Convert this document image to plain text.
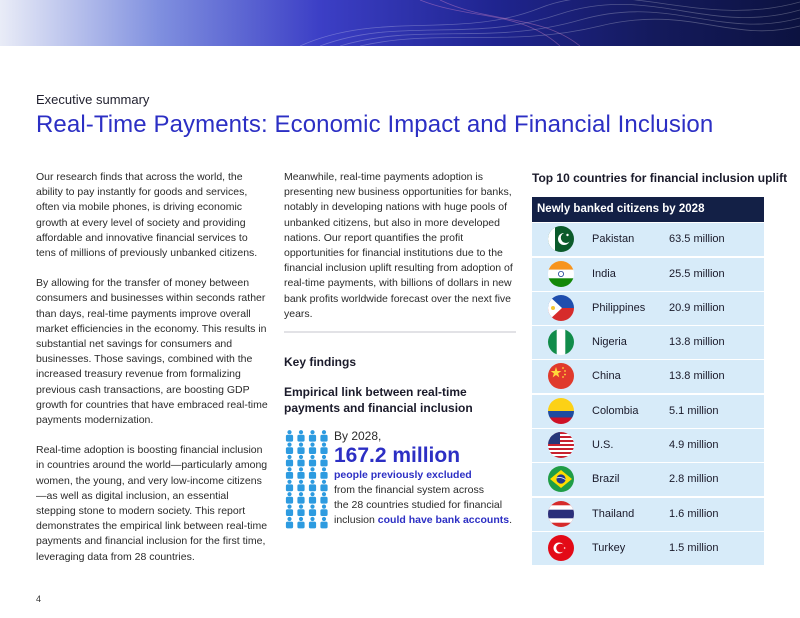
Executive summary
Real-Time Payments: Economic Impact and Financial Inclusion

Our research finds that across the world, the ability to pay instantly for goods and services, often via mobile phones, is driving economic growth at every level of society and providing affordable and innovative financial services to tens of millions of previously unbanked citizens.

By allowing for the transfer of money between consumers and businesses within seconds rather than days, real-time payments improve overall market efficiencies in the economy. This results in substantial net savings for consumers and businesses. Those savings, combined with the increased treasury revenue from formalizing previous cash transactions, are boosting GDP growth for countries that have embraced real-time payments modernization.

Real-time adoption is boosting financial inclusion in countries around the world—particularly among women, the young, and very low-income citizens—as well as digital inclusion, an essential stepping stone to modern society. This report demonstrates the empirical link between real-time payments and financial inclusion for the first time, leveraging data from 28 countries.

Meanwhile, real-time payments adoption is presenting new business opportunities for banks, notably in developing nations with huge pools of unbanked citizens, but also in more developed nations. Our report quantifies the profit opportunities for financial institutions due to the financial inclusion uplift resulting from adoption of real-time payments, with billions of dollars in new bank profits worldwide forecast over the next five years.

Key findings
Empirical link between real-time payments and financial inclusion
By 2028,
167.2 million
people previously excluded
from the financial system across
the 28 countries studied for financial
inclusion could have bank accounts.
Top 10 countries for financial inclusion uplift
Newly banked citizens by 2028
Pakistan	63.5 million
India	25.5 million
Philippines 20.9 million
Nigeria	13.8 million
China	13.8 million
Colombia	5.1 million
U.S.	4.9 million
Brazil	2.8 million
Thailand	1.6 million
Turkey	1.5 million
4
